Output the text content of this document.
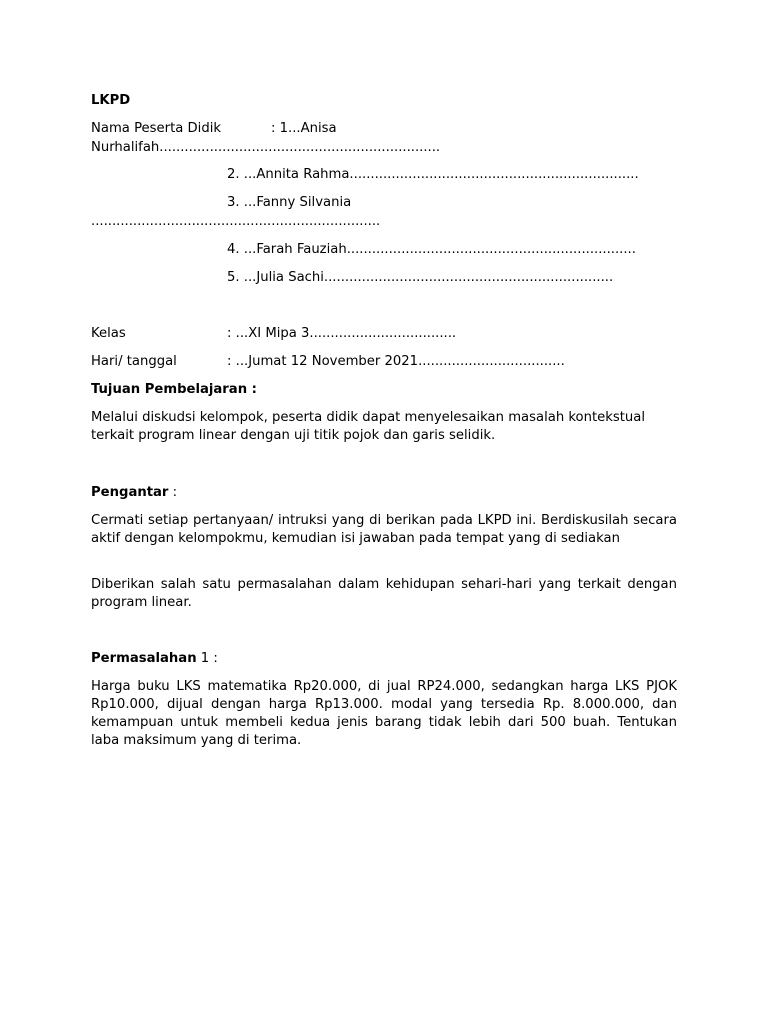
LKPD
Nama Peserta Didik	: 1...Anisa
Nurhalifah...................................................................
2. ...Annita Rahma.....................................................................
3. ...Fanny Silvania
.....................................................................
4. ...Farah Fauziah.....................................................................
5. ...Julia Sachi.....................................................................
Kelas	: ...XI Mipa 3...................................
Hari/ tanggal	: ...Jumat 12 November 2021...................................
Tujuan Pembelajaran :
Melalui diskudsi kelompok, peserta didik dapat menyelesaikan masalah kontekstual terkait program linear dengan uji titik pojok dan garis selidik.
Pengantar :
Cermati setiap pertanyaan/ intruksi yang di berikan pada LKPD ini. Berdiskusilah secara aktif dengan kelompokmu, kemudian isi jawaban pada tempat yang di sediakan
Diberikan salah satu permasalahan dalam kehidupan sehari-hari yang terkait dengan program linear.
Permasalahan 1 :
Harga buku LKS matematika Rp20.000, di jual RP24.000, sedangkan harga LKS PJOK Rp10.000, dijual dengan harga Rp13.000. modal yang tersedia Rp. 8.000.000, dan kemampuan untuk membeli kedua jenis barang tidak lebih dari 500 buah. Tentukan laba maksimum yang di terima.
